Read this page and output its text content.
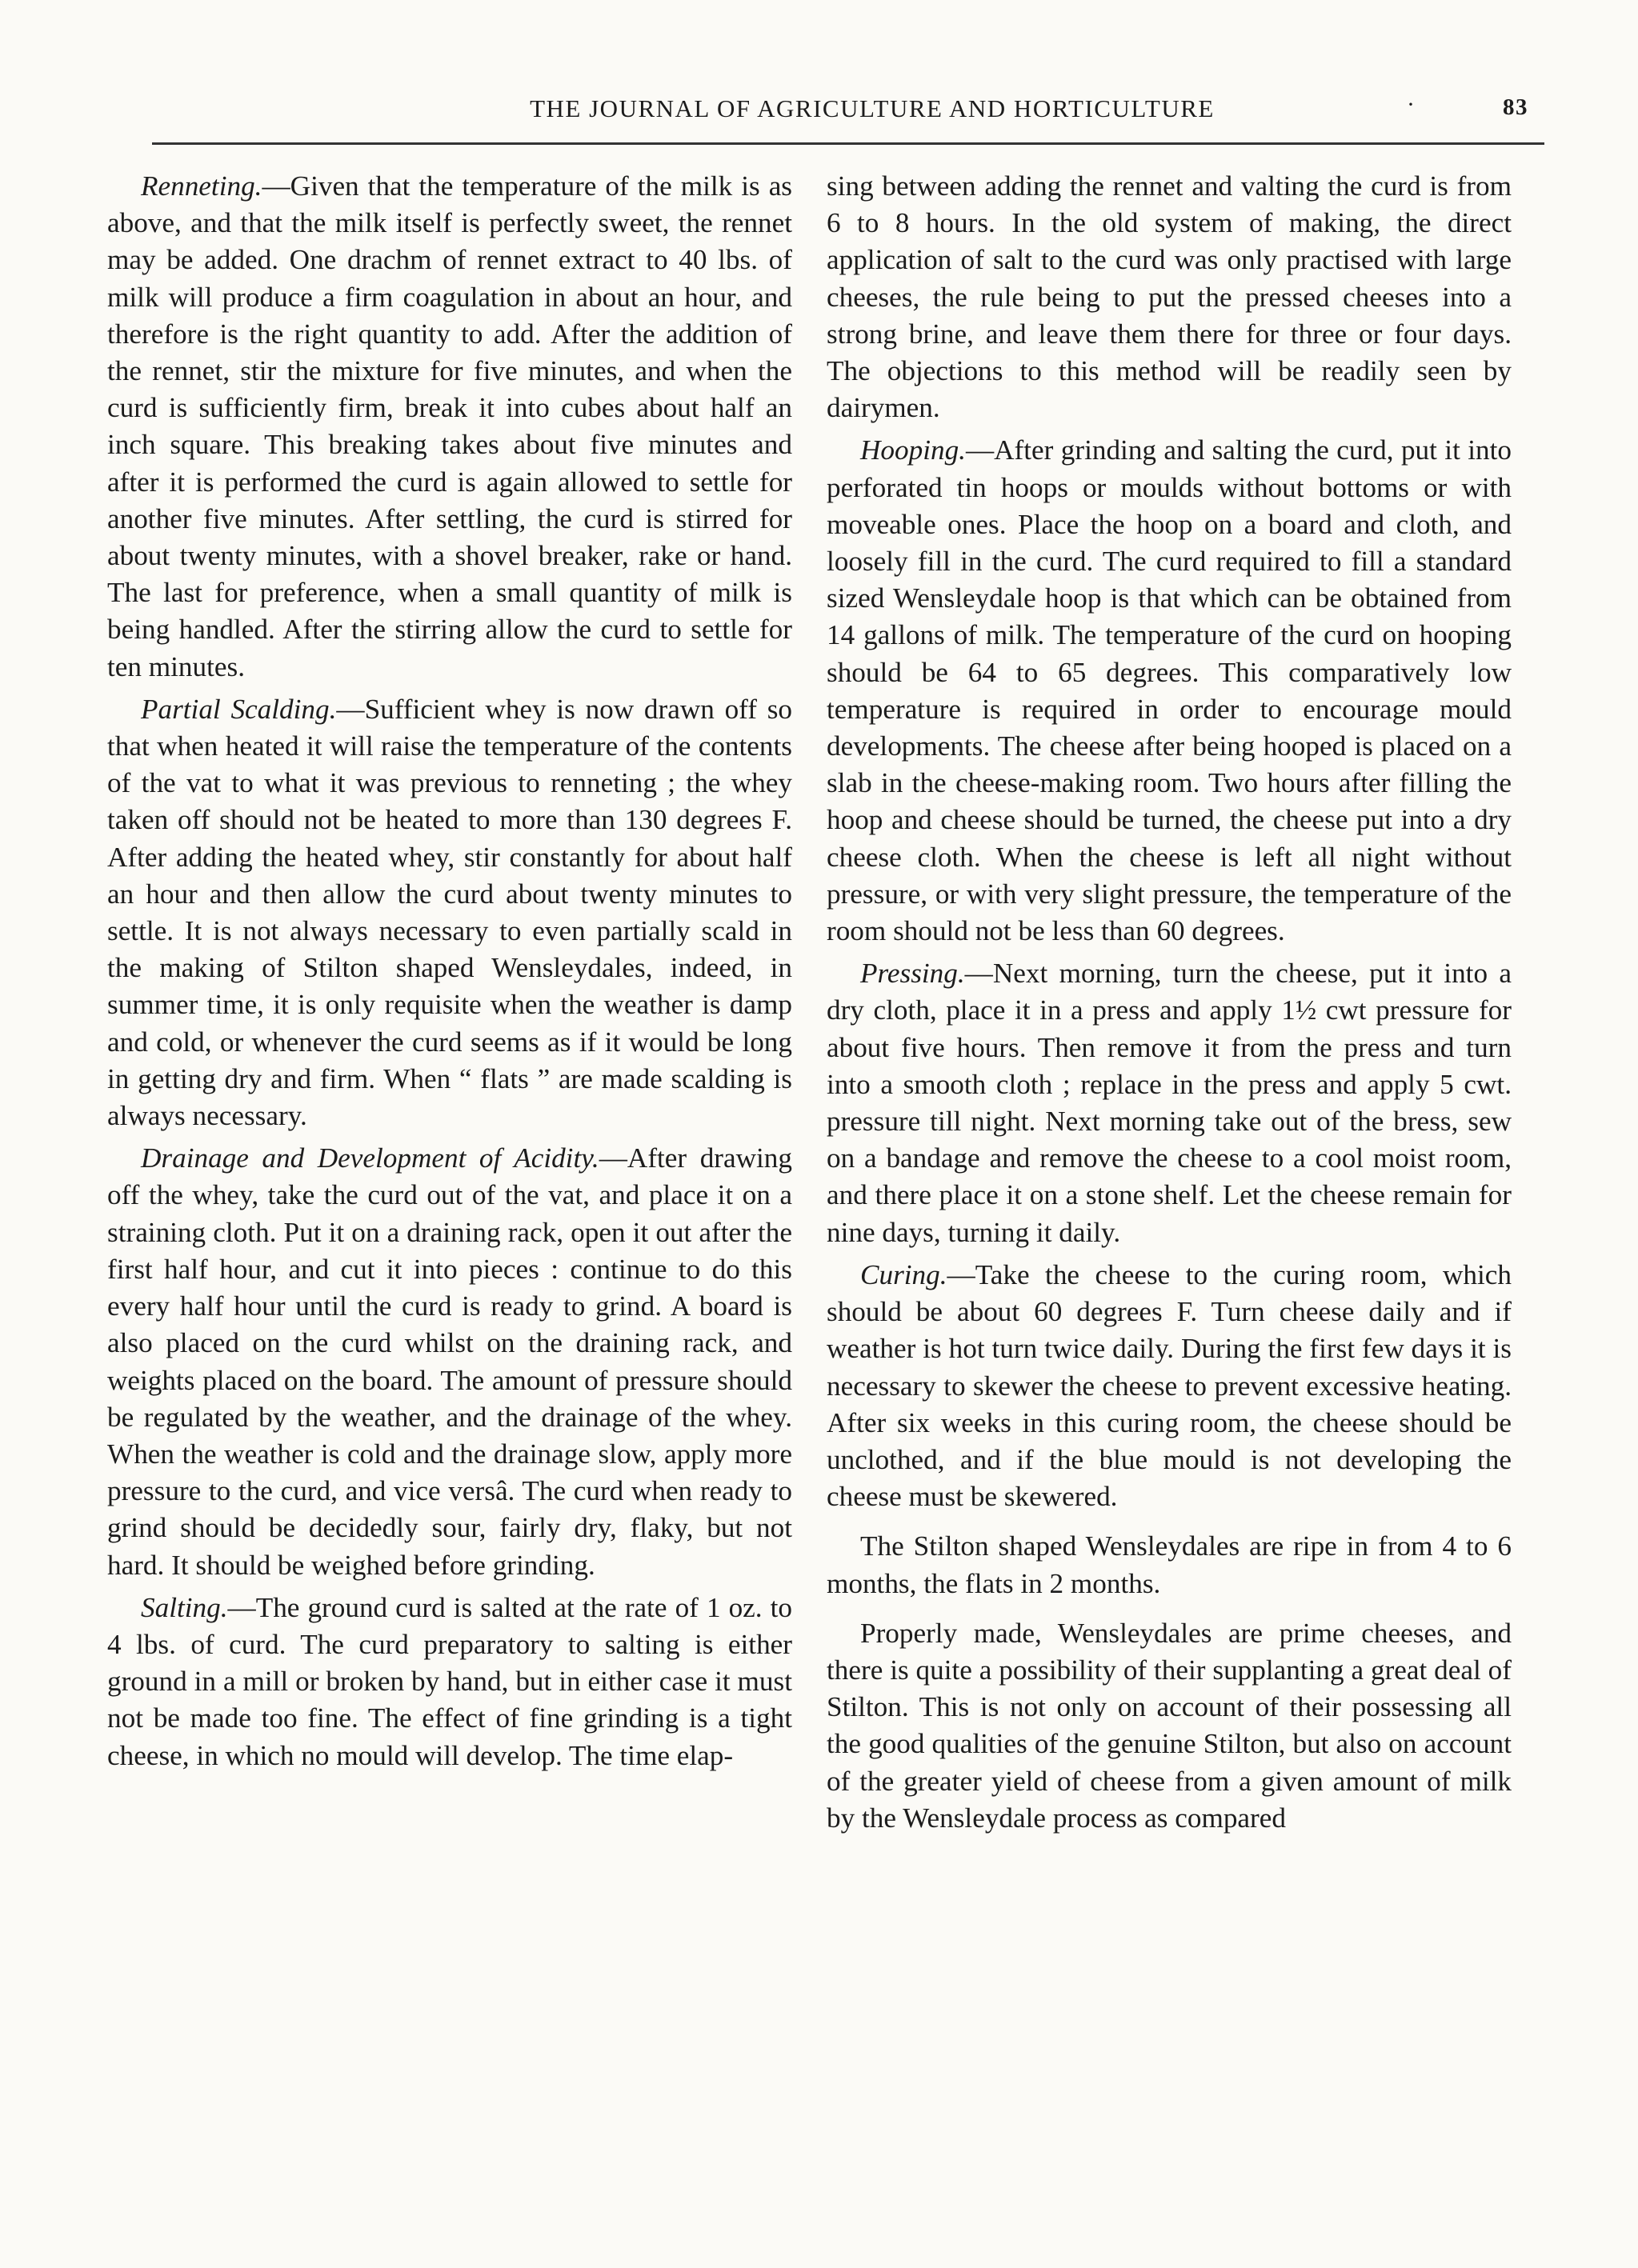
THE JOURNAL OF AGRICULTURE AND HORTICULTURE	·	83

Renneting.—Given that the temperature of the milk is as above, and that the milk itself is perfectly sweet, the rennet may be added. One drachm of rennet extract to 40 lbs. of milk will produce a firm coagulation in about an hour, and therefore is the right quantity to add. After the addition of the rennet, stir the mixture for five minutes, and when the curd is sufficiently firm, break it into cubes about half an inch square. This breaking takes about five minutes and after it is performed the curd is again allowed to settle for another five minutes. After settling, the curd is stirred for about twenty minutes, with a shovel breaker, rake or hand. The last for preference, when a small quantity of milk is being handled. After the stirring allow the curd to settle for ten minutes.

Partial Scalding.—Sufficient whey is now drawn off so that when heated it will raise the temperature of the contents of the vat to what it was previous to renneting ; the whey taken off should not be heated to more than 130 degrees F. After adding the heated whey, stir constantly for about half an hour and then allow the curd about twenty minutes to settle. It is not always necessary to even partially scald in the making of Stilton shaped Wensleydales, indeed, in summer time, it is only requisite when the weather is damp and cold, or whenever the curd seems as if it would be long in getting dry and firm. When “ flats ” are made scalding is always necessary.

Drainage and Development of Acidity.—After drawing off the whey, take the curd out of the vat, and place it on a straining cloth. Put it on a draining rack, open it out after the first half hour, and cut it into pieces : continue to do this every half hour until the curd is ready to grind. A board is also placed on the curd whilst on the draining rack, and weights placed on the board. The amount of pressure should be regulated by the weather, and the drainage of the whey. When the weather is cold and the drainage slow, apply more pressure to the curd, and vice versâ. The curd when ready to grind should be decidedly sour, fairly dry, flaky, but not hard. It should be weighed before grinding.

Salting.—The ground curd is salted at the rate of 1 oz. to 4 lbs. of curd. The curd preparatory to salting is either ground in a mill or broken by hand, but in either case it must not be made too fine. The effect of fine grinding is a tight cheese, in which no mould will develop. The time elap-

sing between adding the rennet and valting the curd is from 6 to 8 hours. In the old system of making, the direct application of salt to the curd was only practised with large cheeses, the rule being to put the pressed cheeses into a strong brine, and leave them there for three or four days. The objections to this method will be readily seen by dairymen.

Hooping.—After grinding and salting the curd, put it into perforated tin hoops or moulds without bottoms or with moveable ones. Place the hoop on a board and cloth, and loosely fill in the curd. The curd required to fill a standard sized Wensleydale hoop is that which can be obtained from 14 gallons of milk. The temperature of the curd on hooping should be 64 to 65 degrees. This comparatively low temperature is required in order to encourage mould developments. The cheese after being hooped is placed on a slab in the cheese-making room. Two hours after filling the hoop and cheese should be turned, the cheese put into a dry cheese cloth. When the cheese is left all night without pressure, or with very slight pressure, the temperature of the room should not be less than 60 degrees.

Pressing.—Next morning, turn the cheese, put it into a dry cloth, place it in a press and apply 1½ cwt pressure for about five hours. Then remove it from the press and turn into a smooth cloth ; replace in the press and apply 5 cwt. pressure till night. Next morning take out of the bress, sew on a bandage and remove the cheese to a cool moist room, and there place it on a stone shelf. Let the cheese remain for nine days, turning it daily.

Curing.—Take the cheese to the curing room, which should be about 60 degrees F. Turn cheese daily and if weather is hot turn twice daily. During the first few days it is necessary to skewer the cheese to prevent excessive heating. After six weeks in this curing room, the cheese should be unclothed, and if the blue mould is not developing the cheese must be skewered.

The Stilton shaped Wensleydales are ripe in from 4 to 6 months, the flats in 2 months.

Properly made, Wensleydales are prime cheeses, and there is quite a possibility of their supplanting a great deal of Stilton. This is not only on account of their possessing all the good qualities of the genuine Stilton, but also on account of the greater yield of cheese from a given amount of milk by the Wensleydale process as compared
